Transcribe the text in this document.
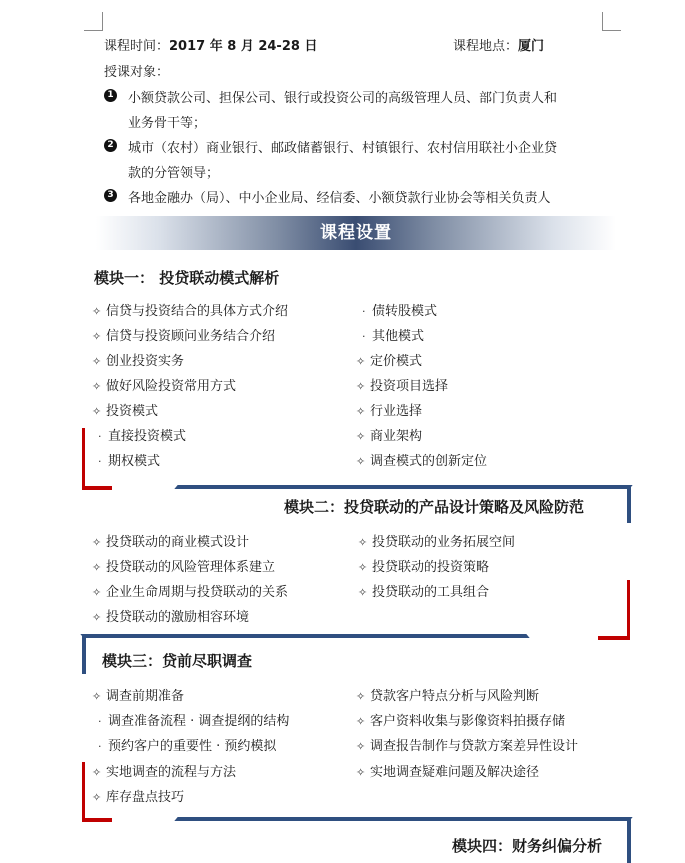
课程时间：2017 年 8 月 24-28 日	课程地点：厦门
授课对象：
1 小额贷款公司、担保公司、银行或投资公司的高级管理人员、部门负责人和
业务骨干等；
2 城市（农村）商业银行、邮政储蓄银行、村镇银行、农村信用联社小企业贷
款的分管领导；
3 各地金融办（局）、中小企业局、经信委、小额贷款行业协会等相关负责人
课程设置
模块一： 投贷联动模式解析
✧ 信贷与投资结合的具体方式介绍
✧ 信贷与投资顾问业务结合介绍
✧ 创业投资实务
✧ 做好风险投资常用方式
✧ 投资模式
· 直接投资模式
· 期权模式
· 债转股模式
· 其他模式
✧ 定价模式
✧ 投资项目选择
✧ 行业选择
✧ 商业架构
✧ 调查模式的创新定位
模块二：投贷联动的产品设计策略及风险防范
✧ 投贷联动的商业模式设计
✧ 投贷联动的风险管理体系建立
✧ 企业生命周期与投贷联动的关系
✧ 投贷联动的激励相容环境
✧ 投贷联动的业务拓展空间
✧ 投贷联动的投资策略
✧ 投贷联动的工具组合
模块三：贷前尽职调查
✧ 调查前期准备
· 调查准备流程 · 调查提纲的结构
· 预约客户的重要性 · 预约模拟
✧ 实地调查的流程与方法
✧ 库存盘点技巧
✧ 贷款客户特点分析与风险判断
✧ 客户资料收集与影像资料拍摄存储
✧ 调查报告制作与贷款方案差异性设计
✧ 实地调查疑难问题及解决途径
模块四：财务纠偏分析
